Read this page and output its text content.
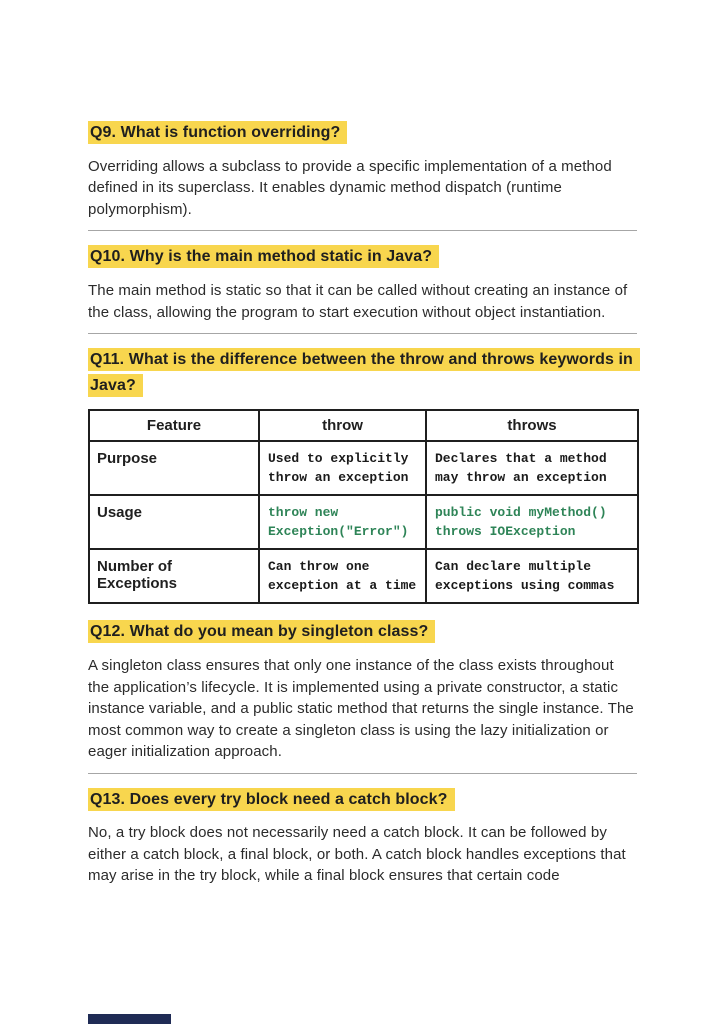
Q9. What is function overriding?

Overriding allows a subclass to provide a specific implementation of a method defined in its superclass. It enables dynamic method dispatch (runtime polymorphism).

Q10. Why is the main method static in Java?

The main method is static so that it can be called without creating an instance of the class, allowing the program to start execution without object instantiation.

Q11. What is the difference between the throw and throws keywords in Java?
Feature	throw	throws
Purpose	Used to explicitly throw an exception	Declares that a method may throw an exception
Usage	throw new Exception("Error")	public void myMethod() throws IOException
Number of Exceptions	Can throw one exception at a time	Can declare multiple exceptions using commas
Q12. What do you mean by singleton class?

A singleton class ensures that only one instance of the class exists throughout the application’s lifecycle. It is implemented using a private constructor, a static instance variable, and a public static method that returns the single instance. The most common way to create a singleton class is using the lazy initialization or eager initialization approach.

Q13. Does every try block need a catch block?

No, a try block does not necessarily need a catch block. It can be followed by either a catch block, a final block, or both. A catch block handles exceptions that may arise in the try block, while a final block ensures that certain code
